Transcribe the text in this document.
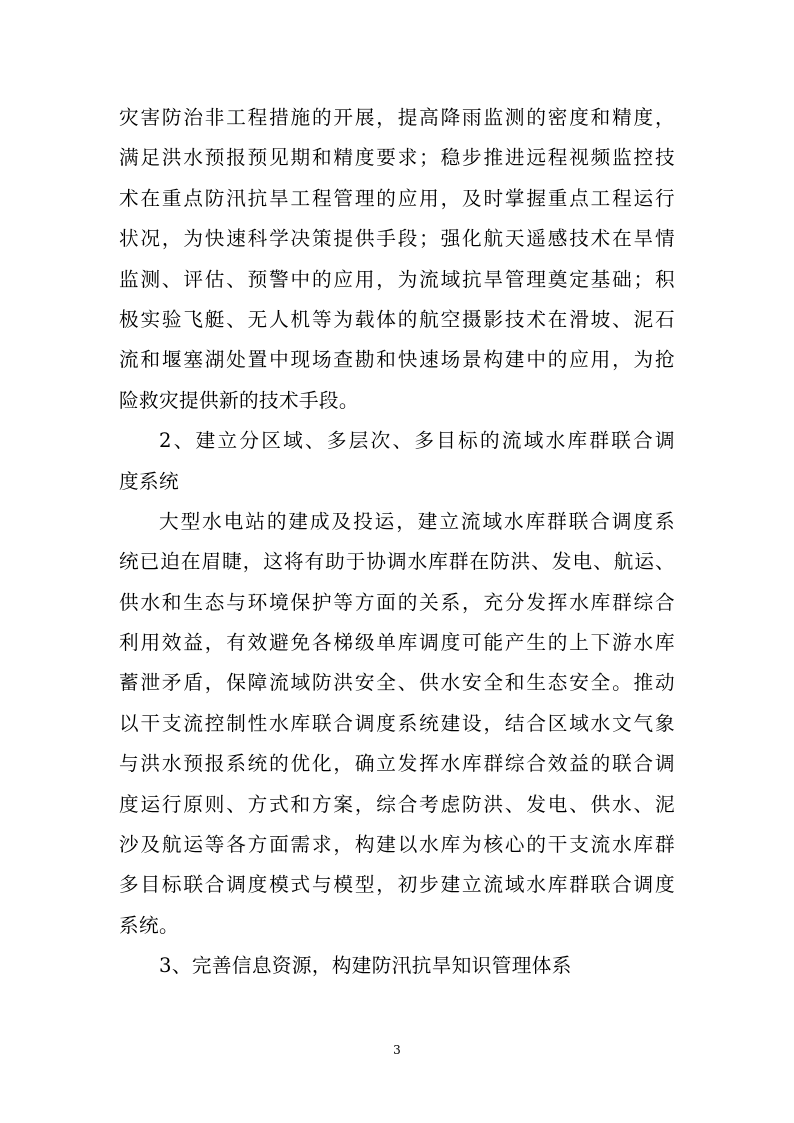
灾害防治非工程措施的开展，提高降雨监测的密度和精度，
满足洪水预报预见期和精度要求；稳步推进远程视频监控技
术在重点防汛抗旱工程管理的应用，及时掌握重点工程运行
状况，为快速科学决策提供手段；强化航天遥感技术在旱情
监测、评估、预警中的应用，为流域抗旱管理奠定基础；积
极实验飞艇、无人机等为载体的航空摄影技术在滑坡、泥石
流和堰塞湖处置中现场查勘和快速场景构建中的应用，为抢
险救灾提供新的技术手段。
2、建立分区域、多层次、多目标的流域水库群联合调
度系统
大型水电站的建成及投运，建立流域水库群联合调度系
统已迫在眉睫，这将有助于协调水库群在防洪、发电、航运、
供水和生态与环境保护等方面的关系，充分发挥水库群综合
利用效益，有效避免各梯级单库调度可能产生的上下游水库
蓄泄矛盾，保障流域防洪安全、供水安全和生态安全。推动
以干支流控制性水库联合调度系统建设，结合区域水文气象
与洪水预报系统的优化，确立发挥水库群综合效益的联合调
度运行原则、方式和方案，综合考虑防洪、发电、供水、泥
沙及航运等各方面需求，构建以水库为核心的干支流水库群
多目标联合调度模式与模型，初步建立流域水库群联合调度
系统。
3、完善信息资源，构建防汛抗旱知识管理体系
3
